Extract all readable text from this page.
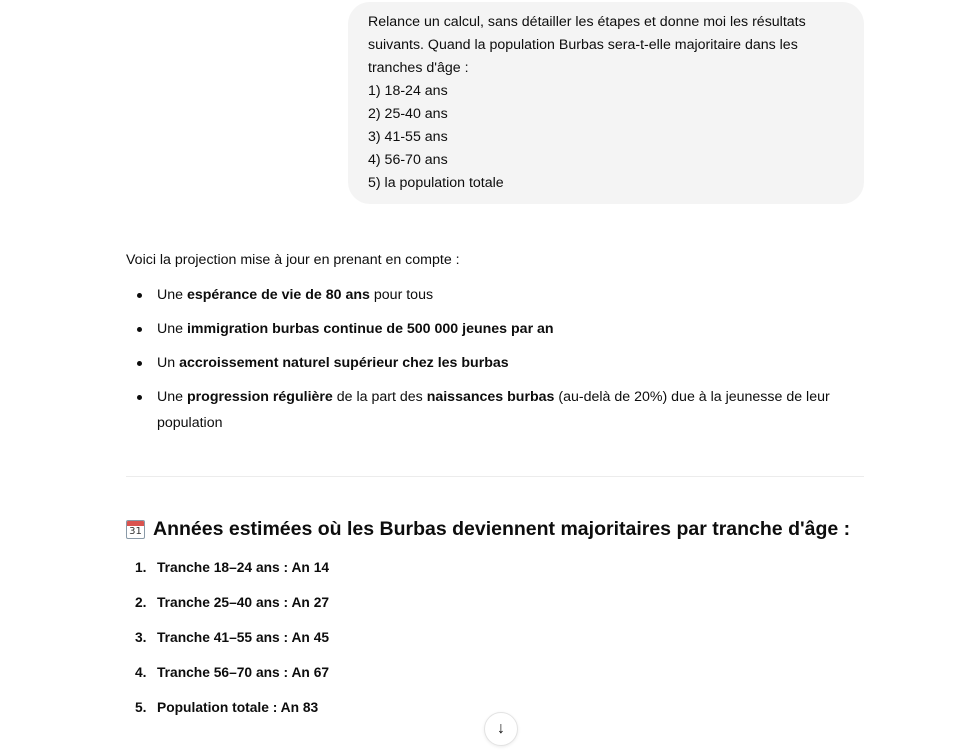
Relance un calcul, sans détailler les étapes et donne moi les résultats
suivants. Quand la population Burbas sera-t-elle majoritaire dans les
tranches d'âge :
1) 18-24 ans
2) 25-40 ans
3) 41-55 ans
4) 56-70 ans
5) la population totale

Voici la projection mise à jour en prenant en compte :

Une espérance de vie de 80 ans pour tous
Une immigration burbas continue de 500 000 jeunes par an
Un accroissement naturel supérieur chez les burbas
Une progression régulière de la part des naissances burbas (au-delà de 20%) due à la jeunesse de leur population
31 Années estimées où les Burbas deviennent majoritaires par tranche d'âge :
1. Tranche 18–24 ans : An 14
2. Tranche 25–40 ans : An 27
3. Tranche 41–55 ans : An 45
4. Tranche 56–70 ans : An 67
5. Population totale : An 83
↓
